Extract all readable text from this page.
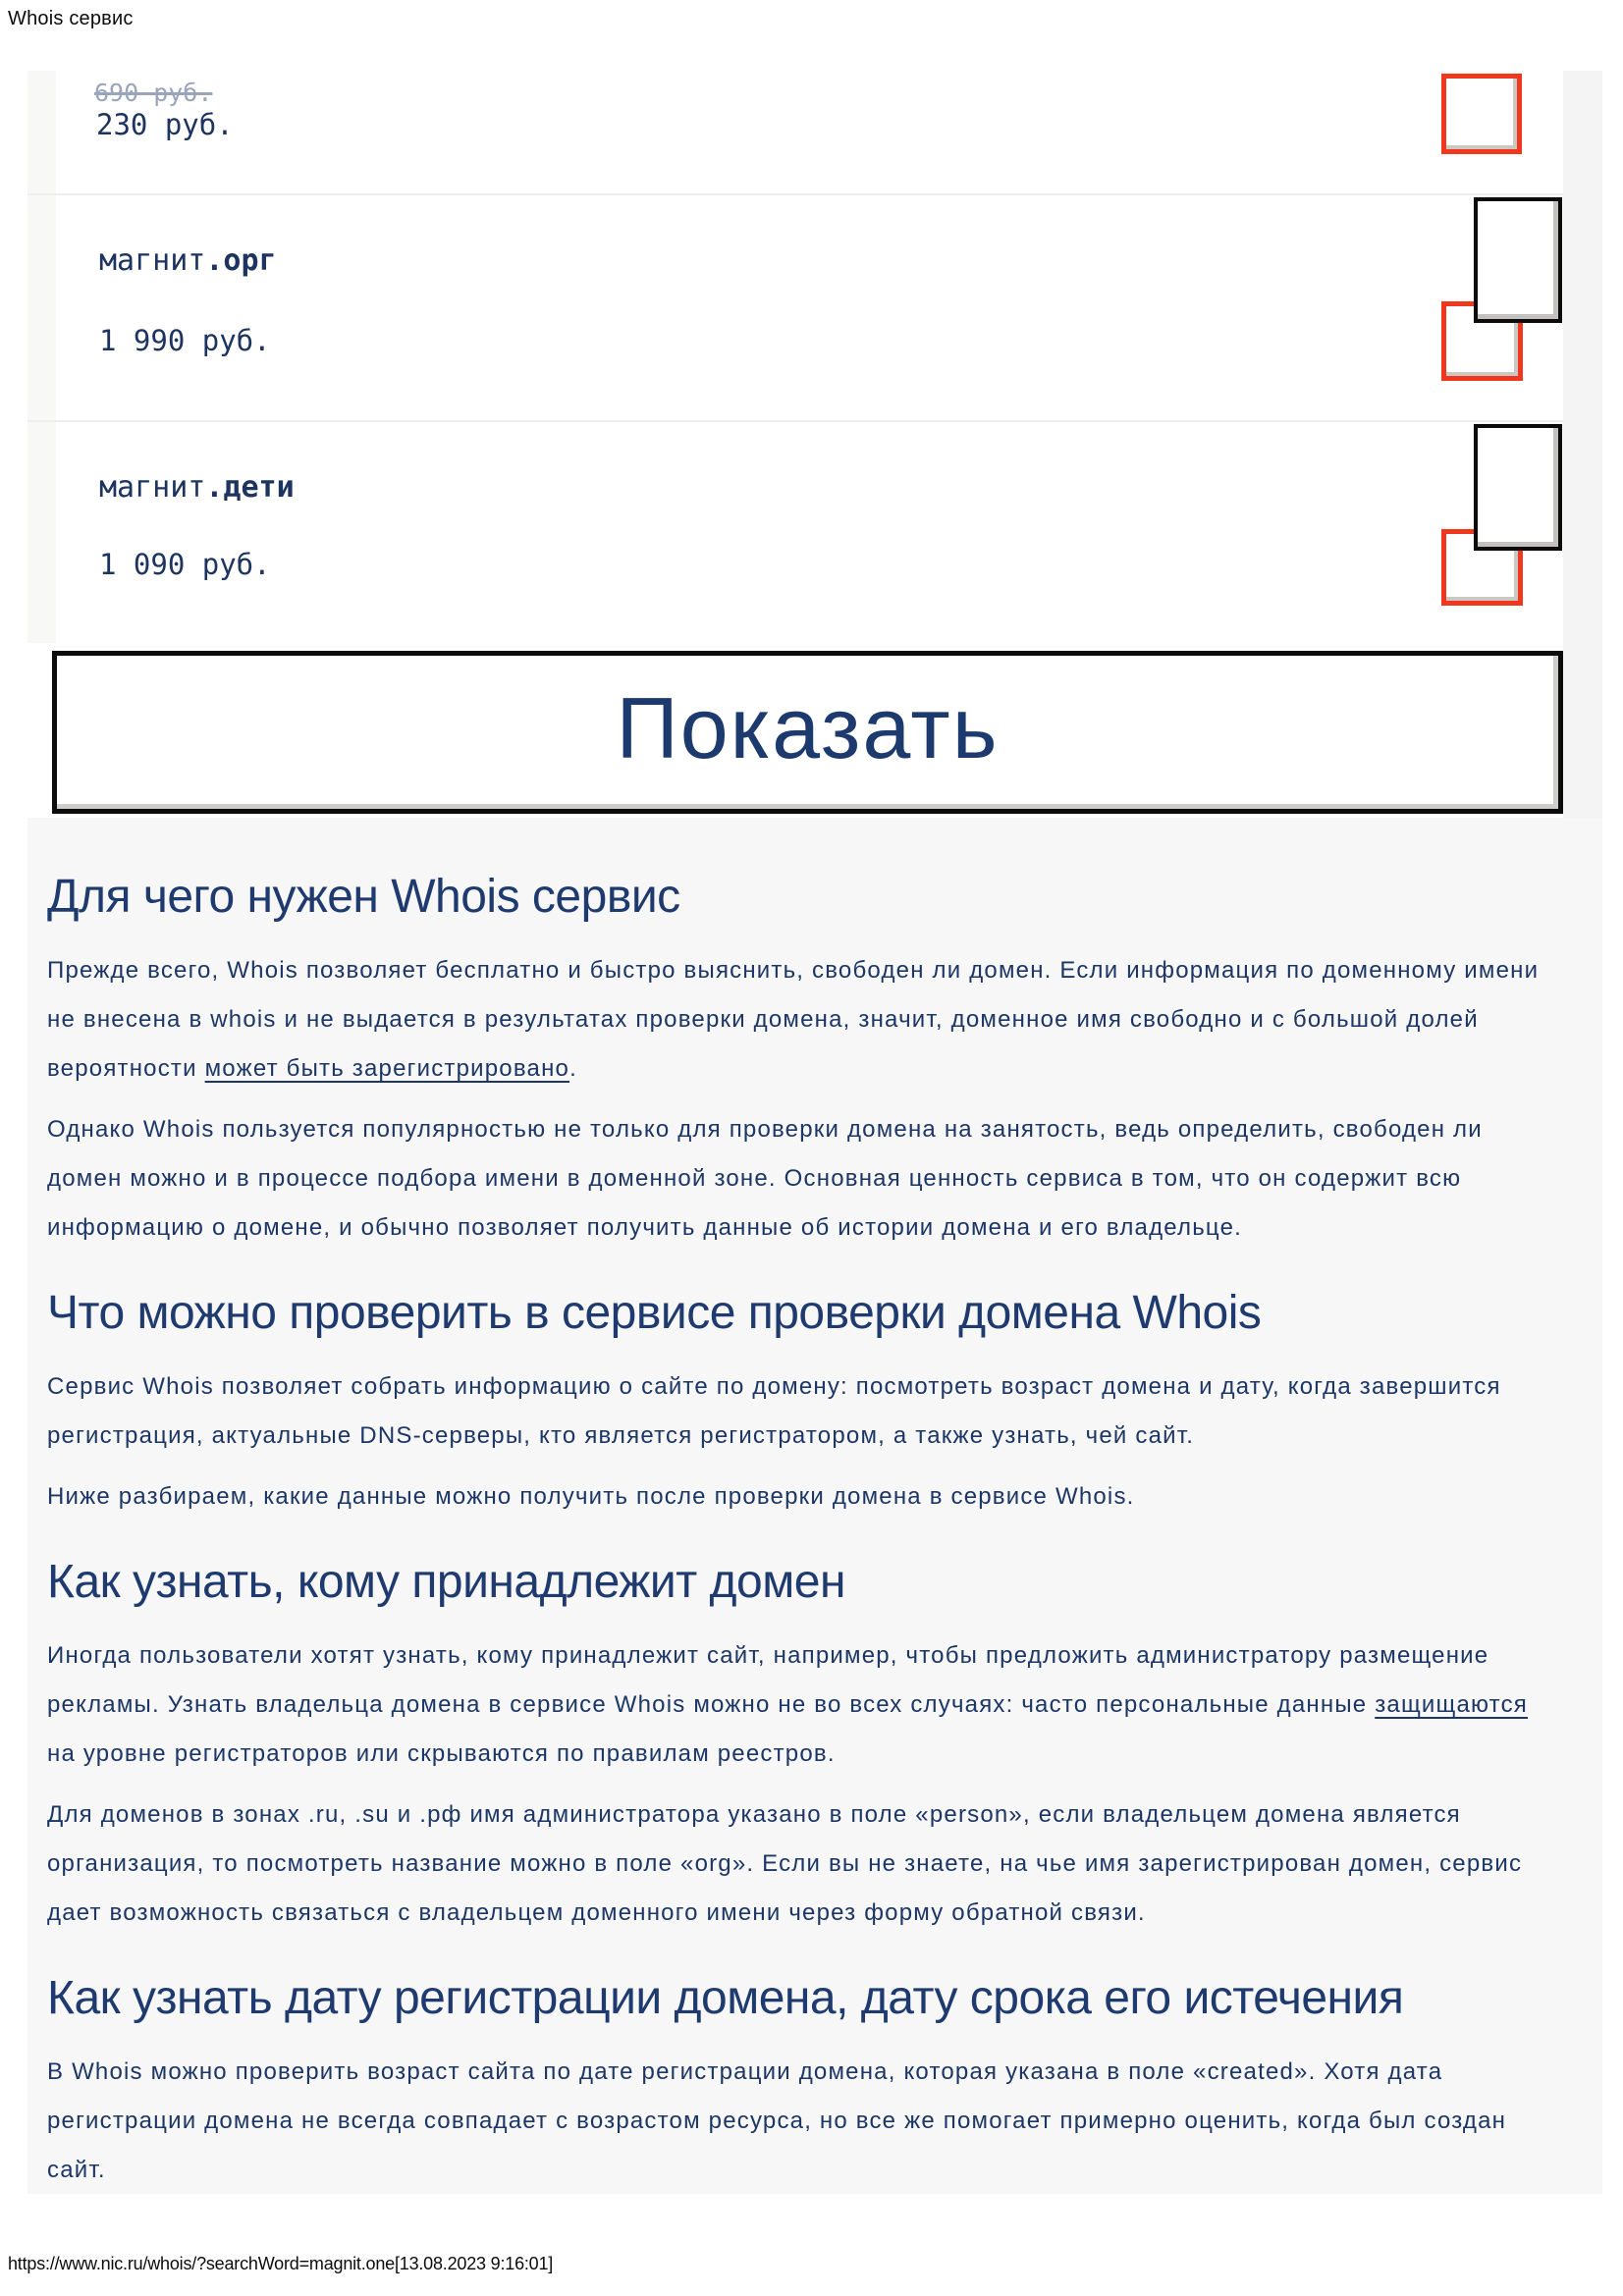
Whois сервис
690 руб.
230 руб.
магнит.орг
1 990 руб.
магнит.дети
1 090 руб.
Показать
Для чего нужен Whois сервис

Прежде всего, Whois позволяет бесплатно и быстро выяснить, свободен ли домен. Если информация по доменному имени не внесена в whois и не выдается в результатах проверки домена, значит, доменное имя свободно и с большой долей вероятности может быть зарегистрировано.

Однако Whois пользуется популярностью не только для проверки домена на занятость, ведь определить, свободен ли домен можно и в процессе подбора имени в доменной зоне. Основная ценность сервиса в том, что он содержит всю информацию о домене, и обычно позволяет получить данные об истории домена и его владельце.

Что можно проверить в сервисе проверки домена Whois

Сервис Whois позволяет собрать информацию о сайте по домену: посмотреть возраст домена и дату, когда завершится регистрация, актуальные DNS-серверы, кто является регистратором, а также узнать, чей сайт.

Ниже разбираем, какие данные можно получить после проверки домена в сервисе Whois.

Как узнать, кому принадлежит домен

Иногда пользователи хотят узнать, кому принадлежит сайт, например, чтобы предложить администратору размещение рекламы. Узнать владельца домена в сервисе Whois можно не во всех случаях: часто персональные данные защищаются на уровне регистраторов или скрываются по правилам реестров.

Для доменов в зонах .ru, .su и .рф имя администратора указано в поле «person», если владельцем домена является организация, то посмотреть название можно в поле «org». Если вы не знаете, на чье имя зарегистрирован домен, сервис дает возможность связаться с владельцем доменного имени через форму обратной связи.

Как узнать дату регистрации домена, дату срока его истечения

В Whois можно проверить возраст сайта по дате регистрации домена, которая указана в поле «created». Хотя дата регистрации домена не всегда совпадает с возрастом ресурса, но все же помогает примерно оценить, когда был создан сайт.

https://www.nic.ru/whois/?searchWord=magnit.one[13.08.2023 9:16:01]
